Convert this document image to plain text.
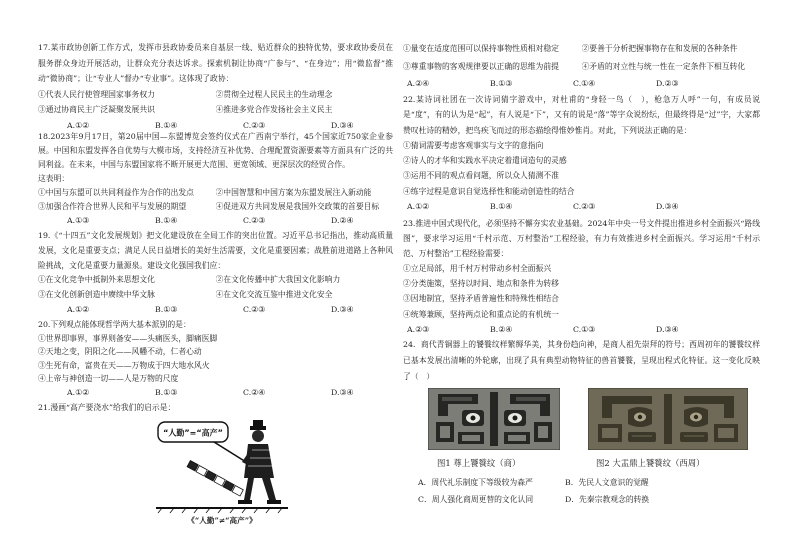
17.某市政协创新工作方式，发挥市县政协委员来自基层一线、贴近群众的独特优势，要求政协委员在服务群众身边开展活动，让群众充分表达诉求。探索机制让协商“广参与”、“在身边”；用“微监督”推动“微协商”；让“专业人”督办“专业事”。这体现了政协：
①代表人民行使管理国家事务权力	②贯彻全过程人民民主的生动理念
③通过协商民主广泛凝聚发展共识	④推进多党合作发扬社会主义民主
A.①②	B.①④	C.②③	D.③④
18.2023年9月17日，第20届中国—东盟博览会签约仪式在广西南宁举行，45个国家近750家企业参展。中国和东盟发挥各自优势与大模市场，支持经济互补优势、合理配置资源要素等方面具有广泛的共同利益。在未来，中国与东盟国家将不断开展更大范围、更宽领域、更深层次的经贸合作。
这表明：
①中国与东盟可以共同利益作为合作的出发点	②中国智慧和中国方案为东盟发展注入新动能
③加强合作符合世界人民和平与发展的期望	④促进双方共同发展是我国外交政策的首要目标
A.①③	B.①④	C.②③	D.②④
19.《“十四五”文化发展规划》把文化建设放在全局工作的突出位置。习近平总书记指出，推动高质量发展，文化是重要支点；满足人民日益增长的美好生活需要，文化是重要因素；战胜前进道路上各种风险挑战，文化是重要力量源泉。建设文化强国我们应：
①在文化竞争中抵制外来思想文化	②在文化传播中扩大我国文化影响力
③在文化创新创造中赓续中华文脉	④在文化交流互鉴中推进文化安全
A.①②	B.①③	C.②③	D.③④
20.下列观点能体现哲学两大基本派别的是：
①世界即事界，事界则备安——头痛医头，脚痛医脚
②天地之变，阴阳之化——风幡不动，仁者心动
③生死有命，富贵在天——万物成于四大地水风火
④上帝与神创造一切——人是万物的尺度
A.①②	B.①③	C.②④	D.③④
21.漫画“高产要浇水”给我们的启示是：
“人勤”=“高产”
《“人勤”≠“高产”》
①量变在适度范围可以保持事物性质相对稳定	②要善于分析把握事物存在和发展的各种条件
③尊重事物的客观规律要以正确的思维为前提	④矛盾的对立性与统一性在一定条件下相互转化
A.②④	B.①③	C.①④	D.②③
22.某诗词社团在一次诗词猜字游戏中，对杜甫的“身轻一鸟（　），枪急万人呼”一句，有成员说是“度”，有的认为是“起”，有人说是“下”，又有的说是“落”等字众说纷纭，但最终得是“过”字，大家都赞叹杜诗的精妙，把鸟疾飞而过的形态描绘得惟妙惟肖。对此，下列说法正确的是：
①猜词需要考虑客观事实与文字的意指向
②诗人的才华和实践水平决定着遣词造句的灵感
③运用不同的观点看问题，所以众人猜测不准
④练字过程是意识自觉选择性和能动创造性的结合
A.①②	B.①④	C.②③	D.③④
23.推进中国式现代化，必须坚持不懈夯实农业基础。2024年中央一号文件提出推进乡村全面振兴“路线图”，要求学习运用“千村示范、万村整治”工程经验，有力有效推进乡村全面振兴。学习运用“千村示范、万村整治”工程经验需要：
①立足局部，用千村万村带动乡村全面振兴
②分类施策，坚持以时间、地点和条件为转移
③因地制宜，坚持矛盾普遍性和特殊性相结合
④统筹兼顾，坚持两点论和重点论的有机统一
A.②③	B.②④	C.①③	D.③④
24．商代青铜器上的饕餮纹样繁缛华美，其身份趋向神，是商人祖先崇拜的符号；西周初年的饕餮纹样已基本发展出清晰的外轮廓，出现了具有典型动物特征的兽首饕餮，呈现出程式化特征。这一变化反映了（　）
图1 尊上饕餮纹（商）	图2 大盂鼎上饕餮纹（西周）
A．周代礼乐制度下等级较为森严	B．先民人文意识的觉醒
C．周人强化商周更替的文化认同	D．先秦宗教观念的转换
